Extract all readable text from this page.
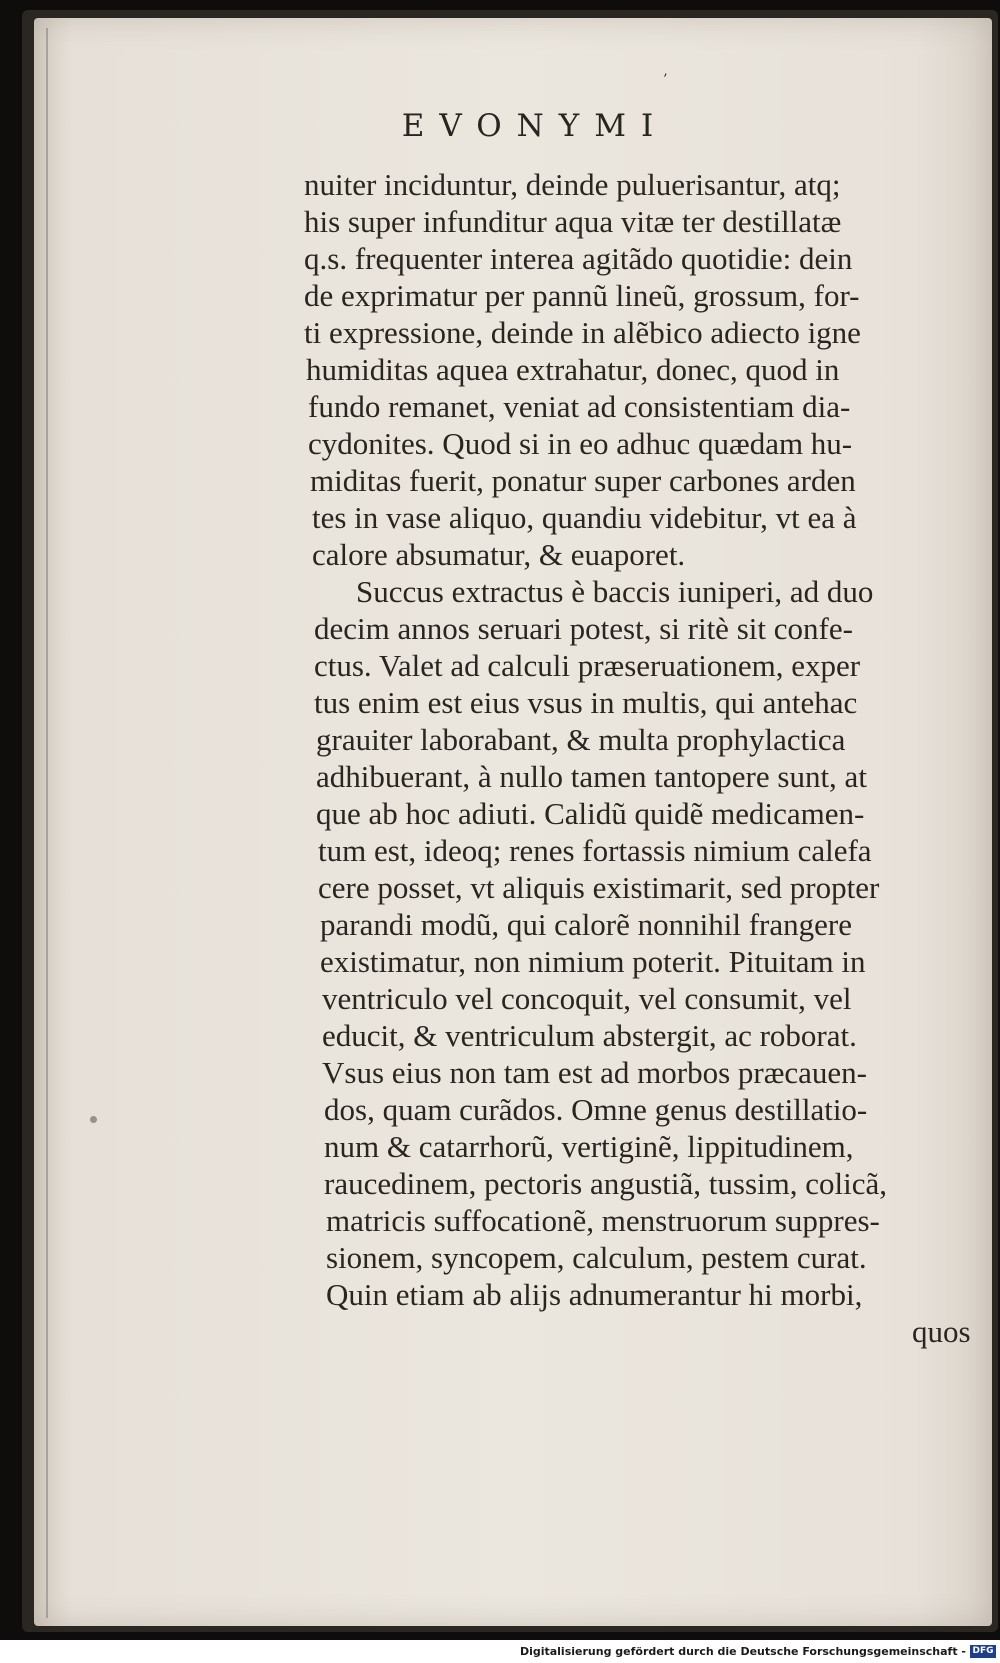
’
EVONYMI
nuiter inciduntur, deinde puluerisantur, atq;
his super infunditur aqua vitæ ter destillatæ
q.s. frequenter interea agitãdo quotidie: dein
de exprimatur per pannũ lineũ, grossum, for-
ti expressione, deinde in alẽbico adiecto igne
humiditas aquea extrahatur, donec, quod in
fundo remanet, veniat ad consistentiam dia-
cydonites. Quod si in eo adhuc quædam hu-
miditas fuerit, ponatur super carbones arden
tes in vase aliquo, quandiu videbitur, vt ea à
calore absumatur, & euaporet.
Succus extractus è baccis iuniperi, ad duo
decim annos seruari potest, si ritè sit confe-
ctus. Valet ad calculi præseruationem, exper
tus enim est eius vsus in multis, qui antehac
grauiter laborabant, & multa prophylactica
adhibuerant, à nullo tamen tantopere sunt, at
que ab hoc adiuti. Calidũ quidẽ medicamen-
tum est, ideoq; renes fortassis nimium calefa
cere posset, vt aliquis existimarit, sed propter
parandi modũ, qui calorẽ nonnihil frangere
existimatur, non nimium poterit. Pituitam in
ventriculo vel concoquit, vel consumit, vel
educit, & ventriculum abstergit, ac roborat.
Vsus eius non tam est ad morbos præcauen-
dos, quam curãdos. Omne genus destillatio-
num & catarrhorũ, vertiginẽ, lippitudinem,
raucedinem, pectoris angustiã, tussim, colicã,
matricis suffocationẽ, menstruorum suppres-
sionem, syncopem, calculum, pestem curat.
Quin etiam ab alijs adnumerantur hi morbi,
quos
Digitalisierung gefördert durch die Deutsche Forschungsgemeinschaft - DFG
